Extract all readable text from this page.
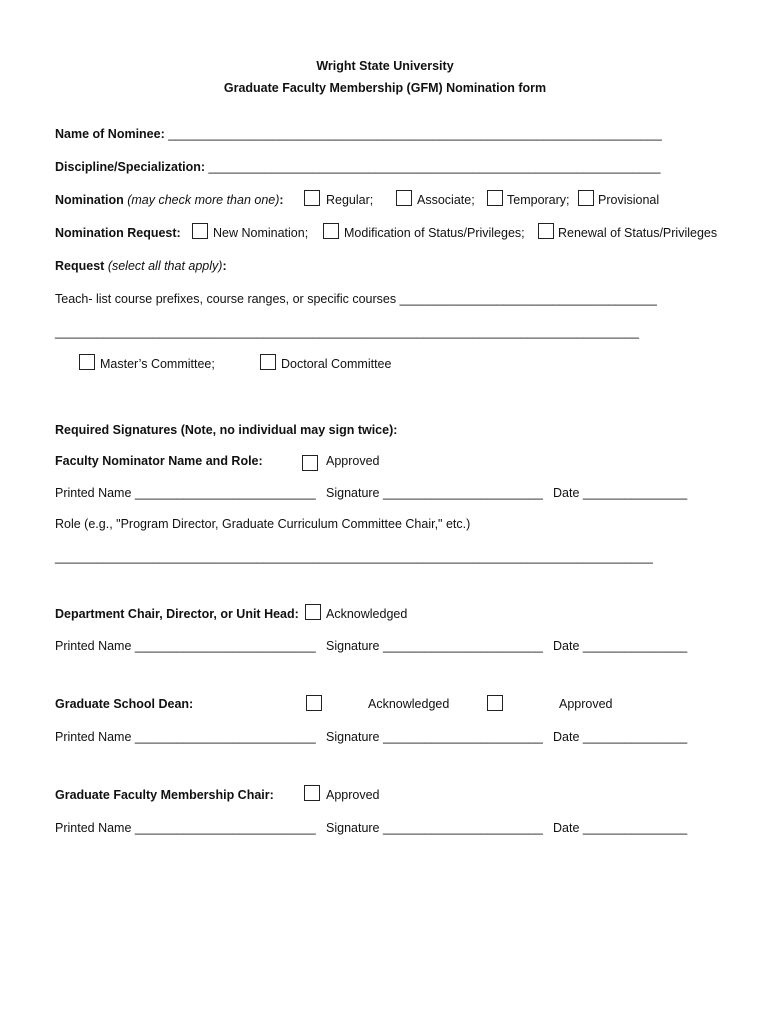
Wright State University
Graduate Faculty Membership (GFM) Nomination form
Name of Nominee: _______________________________________________________________________
Discipline/Specialization: _________________________________________________________________
Nomination (may check more than one):	Regular;	Associate;	Temporary; Provisional
Nomination Request:	New Nomination;	Modification of Status/Privileges;	Renewal of Status/Privileges
Request (select all that apply):
Teach- list course prefixes, course ranges, or specific courses _____________________________________
____________________________________________________________________________________
Master’s Committee;	Doctoral Committee
Required Signatures (Note, no individual may sign twice):
Faculty Nominator Name and Role:	Approved
Printed Name __________________________ Signature _______________________ Date _______________
Role (e.g., "Program Director, Graduate Curriculum Committee Chair," etc.)
______________________________________________________________________________________
Department Chair, Director, or Unit Head: Acknowledged
Printed Name __________________________ Signature _______________________ Date _______________
Graduate School Dean:	Acknowledged	Approved
Printed Name __________________________ Signature _______________________ Date _______________
Graduate Faculty Membership Chair:	Approved
Printed Name __________________________ Signature _______________________ Date _______________
